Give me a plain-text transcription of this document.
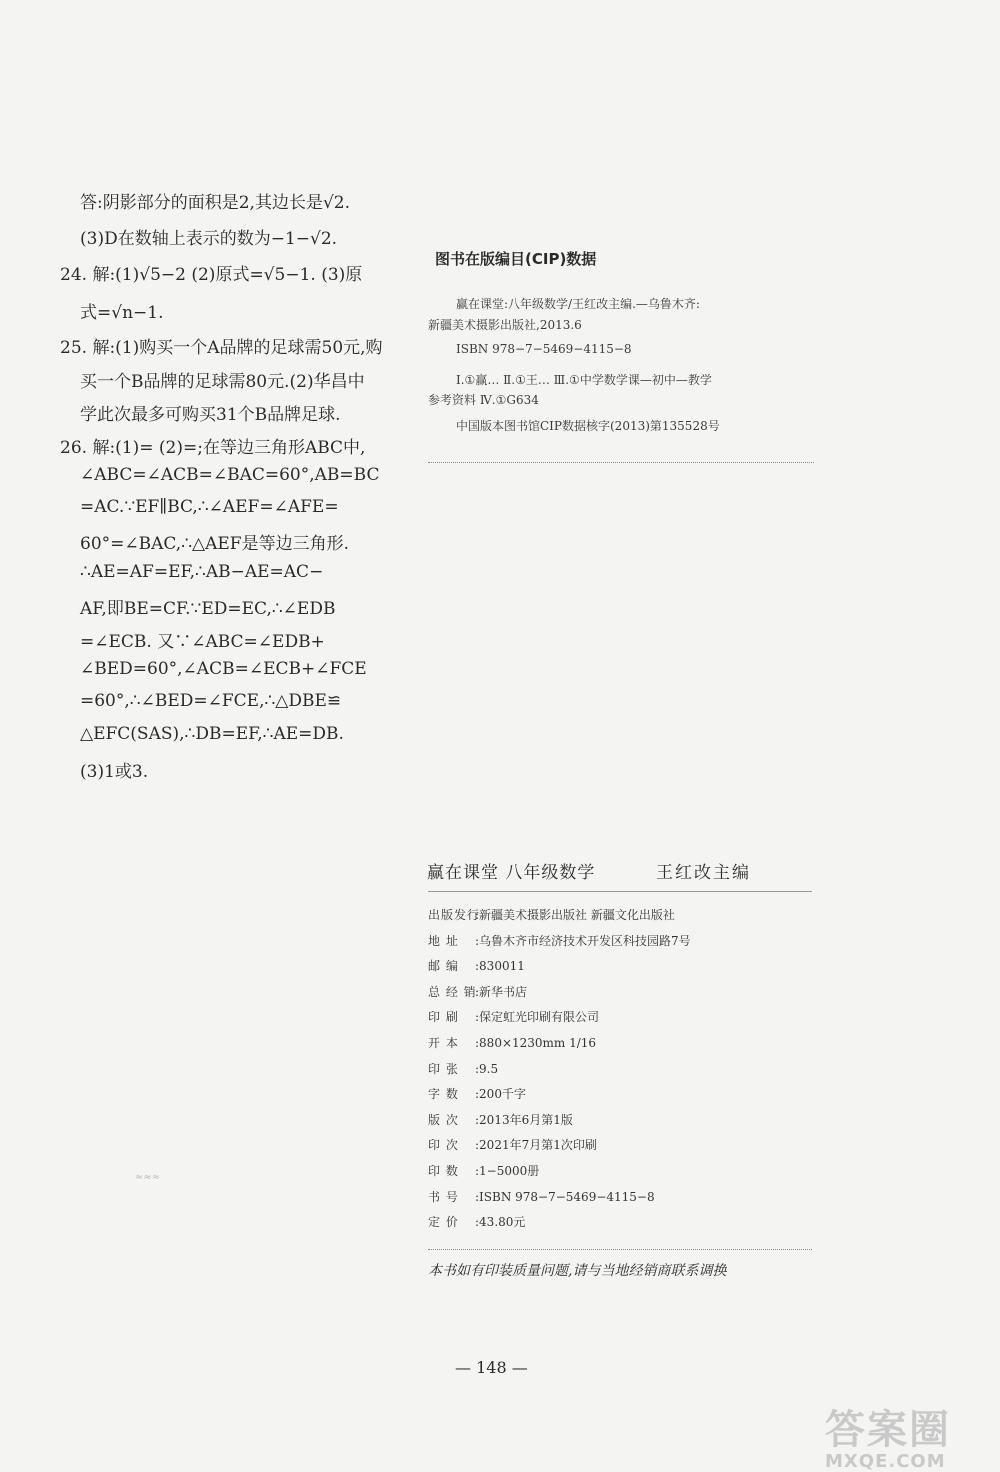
答:阴影部分的面积是2,其边长是√2.
(3)D在数轴上表示的数为−1−√2.
24. 解:(1)√5−2 (2)原式=√5−1. (3)原
式=√n−1.
25. 解:(1)购买一个A品牌的足球需50元,购
买一个B品牌的足球需80元.(2)华昌中
学此次最多可购买31个B品牌足球.
26. 解:(1)= (2)=;在等边三角形ABC中,
∠ABC=∠ACB=∠BAC=60°,AB=BC
=AC.∵EF∥BC,∴∠AEF=∠AFE=
60°=∠BAC,∴△AEF是等边三角形.
∴AE=AF=EF,∴AB−AE=AC−
AF,即BE=CF.∵ED=EC,∴∠EDB
=∠ECB. 又∵∠ABC=∠EDB+
∠BED=60°,∠ACB=∠ECB+∠FCE
=60°,∴∠BED=∠FCE,∴△DBE≌
△EFC(SAS),∴DB=EF,∴AE=DB.
(3)1或3.
图书在版编目(CIP)数据
赢在课堂:八年级数学/王红改主编.—乌鲁木齐:
新疆美术摄影出版社,2013.6
ISBN 978−7−5469−4115−8
Ⅰ.①赢… Ⅱ.①王… Ⅲ.①中学数学课—初中—教学
参考资料 Ⅳ.①G634
中国版本图书馆CIP数据核字(2013)第135528号
赢在课堂 八年级数学	王红改主编
出版发行:新疆美术摄影出版社 新疆文化出版社
地 址 :乌鲁木齐市经济技术开发区科技园路7号
邮 编 :830011
总 经 销:新华书店
印 刷 :保定虹光印刷有限公司
开 本 :880×1230mm 1/16
印 张 :9.5
字 数 :200千字
版 次 :2013年6月第1版
印 次 :2021年7月第1次印刷
印 数 :1−5000册
书 号 :ISBN 978−7−5469−4115−8
定 价 :43.80元
本书如有印装质量问题,请与当地经销商联系调换
≈≈≈
— 148 —
答案圈
MXQE.COM
